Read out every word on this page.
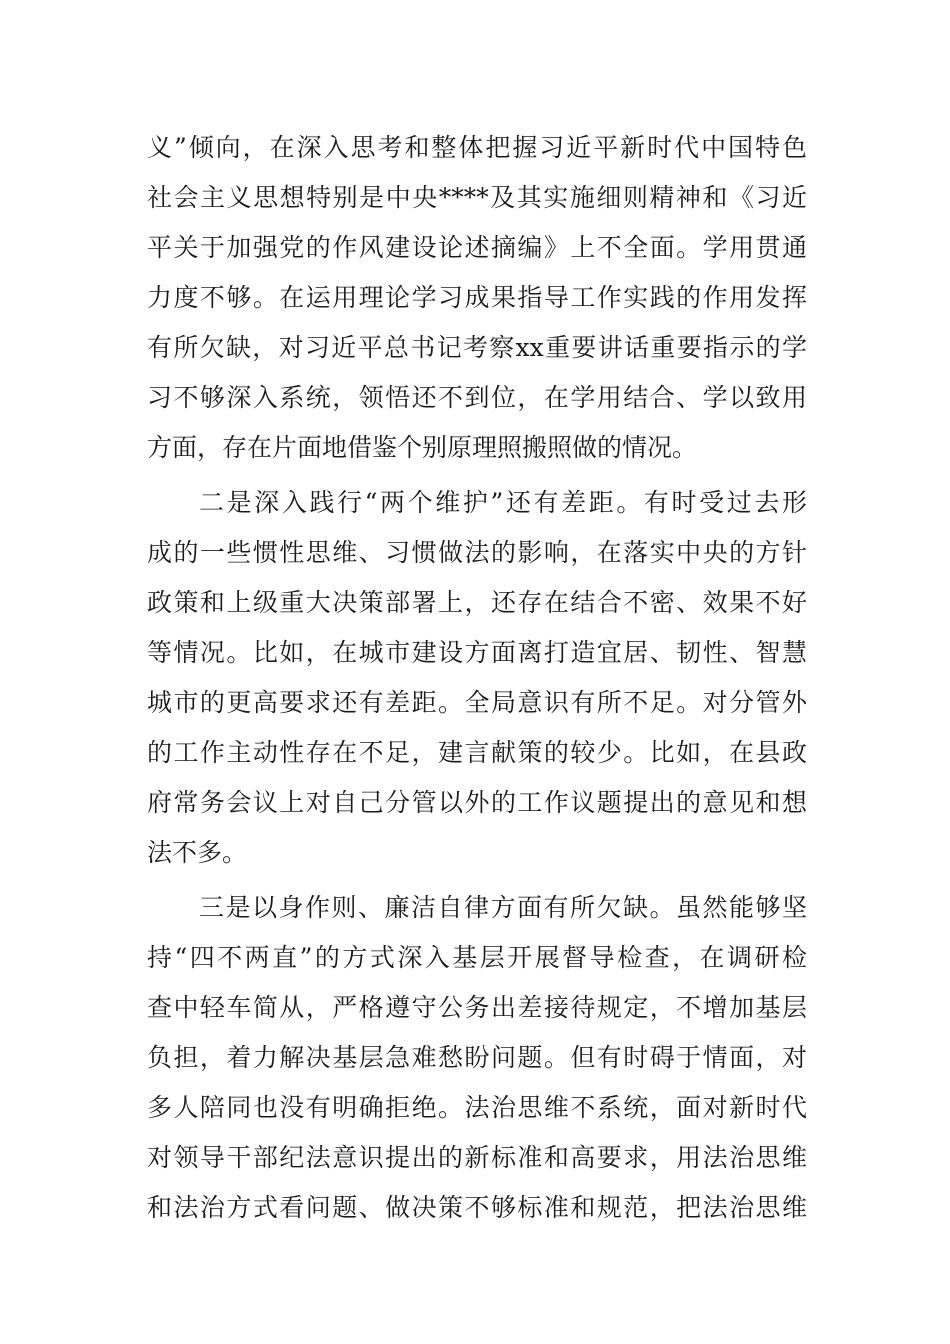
义”倾向，在深入思考和整体把握习近平新时代中国特色
社会主义思想特别是中央****及其实施细则精神和《习近
平关于加强党的作风建设论述摘编》上不全面。学用贯通
力度不够。在运用理论学习成果指导工作实践的作用发挥
有所欠缺，对习近平总书记考察xx重要讲话重要指示的学
习不够深入系统，领悟还不到位，在学用结合、学以致用
方面，存在片面地借鉴个别原理照搬照做的情况。
二是深入践行“两个维护”还有差距。有时受过去形
成的一些惯性思维、习惯做法的影响，在落实中央的方针
政策和上级重大决策部署上，还存在结合不密、效果不好
等情况。比如，在城市建设方面离打造宜居、韧性、智慧
城市的更高要求还有差距。全局意识有所不足。对分管外
的工作主动性存在不足，建言献策的较少。比如，在县政
府常务会议上对自己分管以外的工作议题提出的意见和想
法不多。
三是以身作则、廉洁自律方面有所欠缺。虽然能够坚
持“四不两直”的方式深入基层开展督导检查，在调研检
查中轻车简从，严格遵守公务出差接待规定，不增加基层
负担，着力解决基层急难愁盼问题。但有时碍于情面，对
多人陪同也没有明确拒绝。法治思维不系统，面对新时代
对领导干部纪法意识提出的新标准和高要求，用法治思维
和法治方式看问题、做决策不够标准和规范，把法治思维
